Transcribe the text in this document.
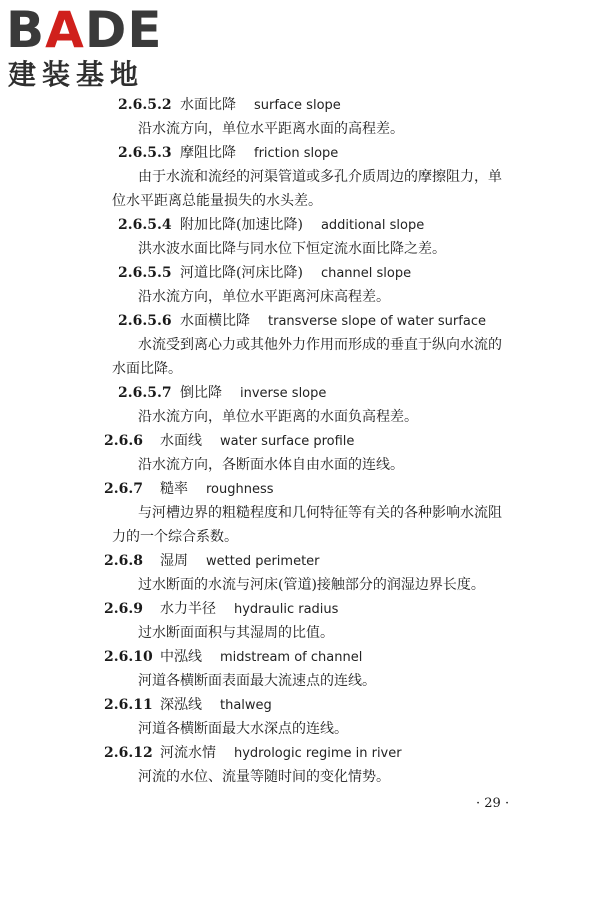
BADE
建装基地
2.6.5.2 水面比降 surface slope
沿水流方向，单位水平距离水面的高程差。
2.6.5.3 摩阻比降 friction slope
由于水流和流经的河渠管道或多孔介质周边的摩擦阻力，单
位水平距离总能量损失的水头差。
2.6.5.4 附加比降(加速比降) additional slope
洪水波水面比降与同水位下恒定流水面比降之差。
2.6.5.5 河道比降(河床比降) channel slope
沿水流方向，单位水平距离河床高程差。
2.6.5.6 水面横比降 transverse slope of water surface
水流受到离心力或其他外力作用而形成的垂直于纵向水流的
水面比降。
2.6.5.7 倒比降 inverse slope
沿水流方向，单位水平距离的水面负高程差。
2.6.6 水面线 water surface profile
沿水流方向，各断面水体自由水面的连线。
2.6.7 糙率 roughness
与河槽边界的粗糙程度和几何特征等有关的各种影响水流阻
力的一个综合系数。
2.6.8 湿周 wetted perimeter
过水断面的水流与河床(管道)接触部分的润湿边界长度。
2.6.9 水力半径 hydraulic radius
过水断面面积与其湿周的比值。
2.6.10 中泓线 midstream of channel
河道各横断面表面最大流速点的连线。
2.6.11 深泓线 thalweg
河道各横断面最大水深点的连线。
2.6.12 河流水情 hydrologic regime in river
河流的水位、流量等随时间的变化情势。
· 29 ·
